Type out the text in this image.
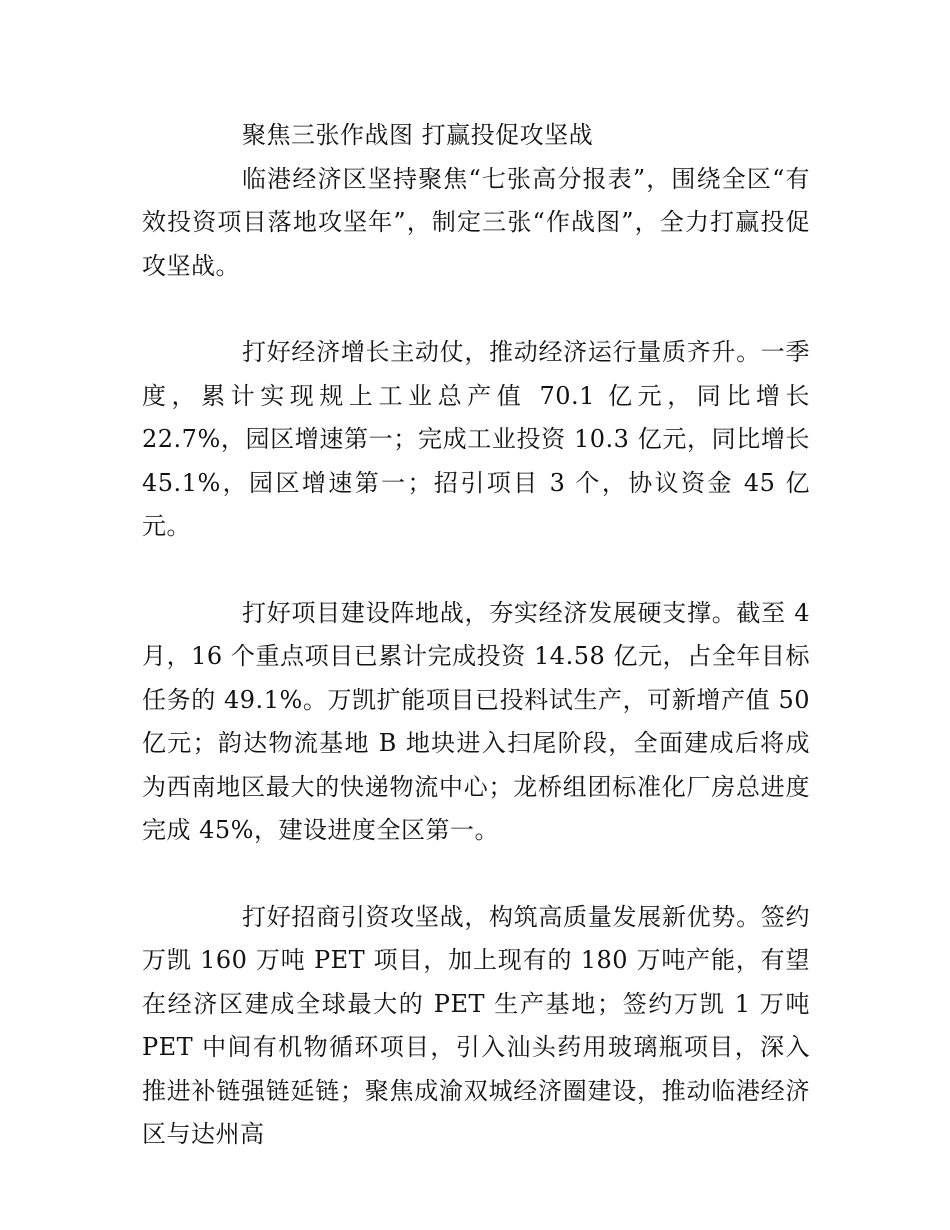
聚焦三张作战图 打赢投促攻坚战

临港经济区坚持聚焦“七张高分报表”，围绕全区“有效投资项目落地攻坚年”，制定三张“作战图”，全力打赢投促攻坚战。

打好经济增长主动仗，推动经济运行量质齐升。一季度，累计实现规上工业总产值 70.1 亿元，同比增长 22.7%，园区增速第一；完成工业投资 10.3 亿元，同比增长 45.1%，园区增速第一；招引项目 3 个，协议资金 45 亿元。

打好项目建设阵地战，夯实经济发展硬支撑。截至 4 月，16 个重点项目已累计完成投资 14.58 亿元，占全年目标任务的 49.1%。万凯扩能项目已投料试生产，可新增产值 50 亿元；韵达物流基地 B 地块进入扫尾阶段，全面建成后将成为西南地区最大的快递物流中心；龙桥组团标准化厂房总进度完成 45%，建设进度全区第一。

打好招商引资攻坚战，构筑高质量发展新优势。签约万凯 160 万吨 PET 项目，加上现有的 180 万吨产能，有望在经济区建成全球最大的 PET 生产基地；签约万凯 1 万吨 PET 中间有机物循环项目，引入汕头药用玻璃瓶项目，深入推进补链强链延链；聚焦成渝双城经济圈建设，推动临港经济区与达州高
